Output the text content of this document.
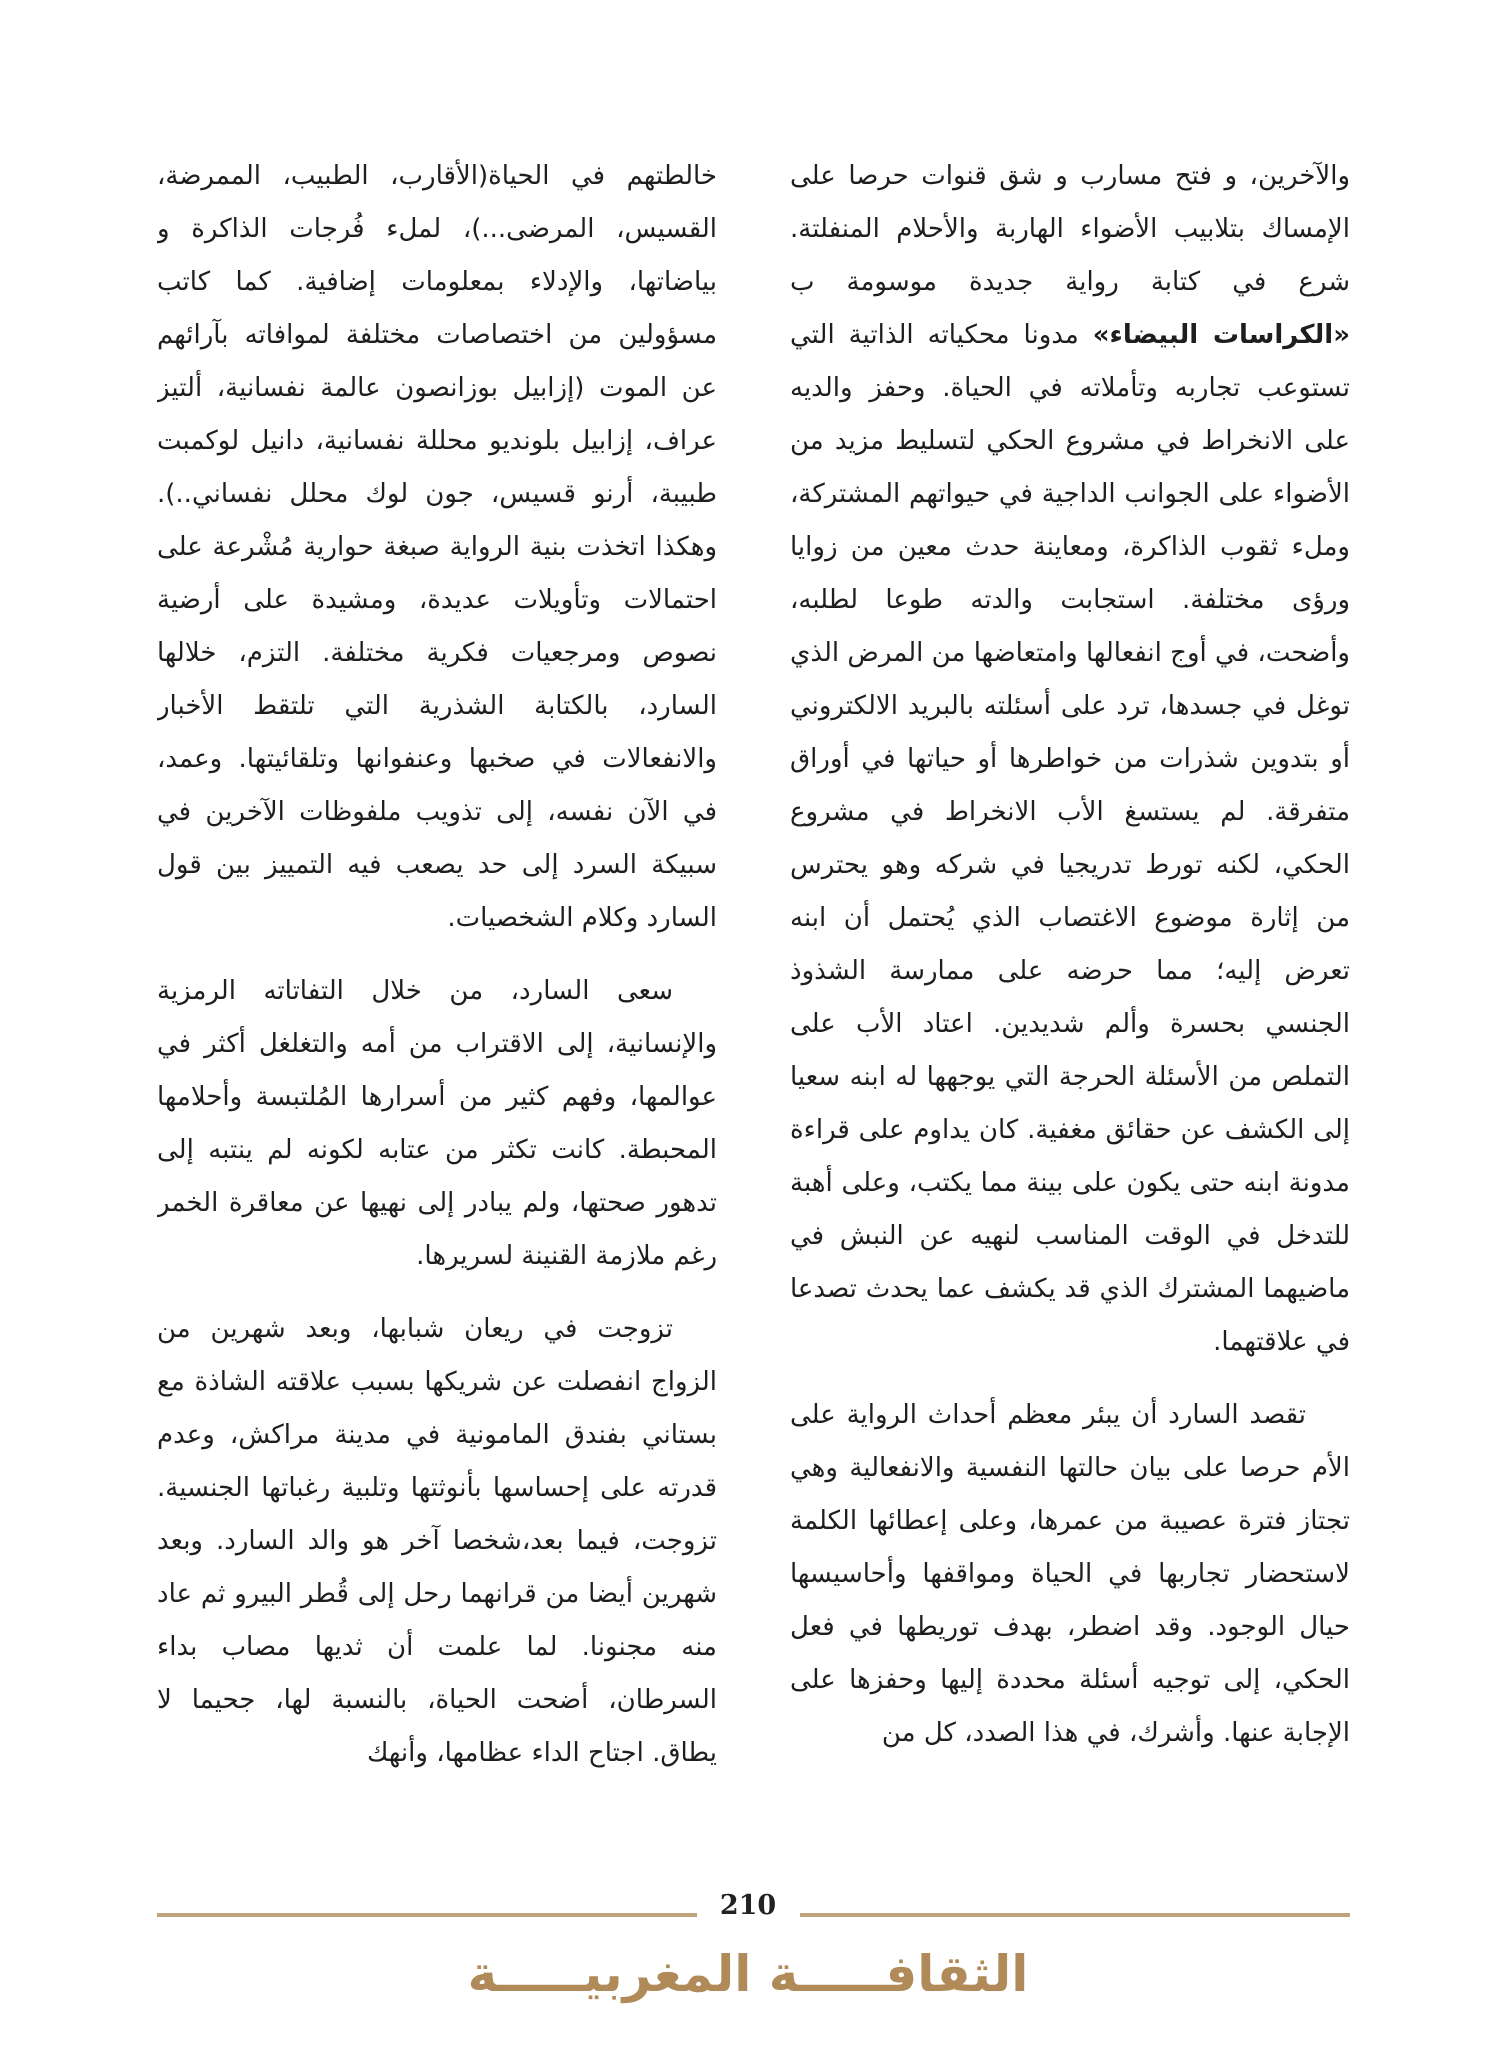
والآخرين، و فتح مسارب و شق قنوات حرصا على الإمساك بتلابيب الأضواء الهاربة والأحلام المنفلتة. شرع في كتابة رواية جديدة موسومة ب «الكراسات البيضاء» مدونا محكياته الذاتية التي تستوعب تجاربه وتأملاته في الحياة. وحفز والديه على الانخراط في مشروع الحكي لتسليط مزيد من الأضواء على الجوانب الداجية في حيواتهم المشتركة، وملء ثقوب الذاكرة، ومعاينة حدث معين من زوايا ورؤى مختلفة. استجابت والدته طوعا لطلبه، وأضحت، في أوج انفعالها وامتعاضها من المرض الذي توغل في جسدها، ترد على أسئلته بالبريد الالكتروني أو بتدوين شذرات من خواطرها أو حياتها في أوراق متفرقة. لم يستسغ الأب الانخراط في مشروع الحكي، لكنه تورط تدريجيا في شركه وهو يحترس من إثارة موضوع الاغتصاب الذي يُحتمل أن ابنه تعرض إليه؛ مما حرضه على ممارسة الشذوذ الجنسي بحسرة وألم شديدين. اعتاد الأب على التملص من الأسئلة الحرجة التي يوجهها له ابنه سعيا إلى الكشف عن حقائق مغفية. كان يداوم على قراءة مدونة ابنه حتى يكون على بينة مما يكتب، وعلى أهبة للتدخل في الوقت المناسب لنهيه عن النبش في ماضيهما المشترك الذي قد يكشف عما يحدث تصدعا في علاقتهما.

تقصد السارد أن يبئر معظم أحداث الرواية على الأم حرصا على بيان حالتها النفسية والانفعالية وهي تجتاز فترة عصيبة من عمرها، وعلى إعطائها الكلمة لاستحضار تجاربها في الحياة ومواقفها وأحاسيسها حيال الوجود. وقد اضطر، بهدف توريطها في فعل الحكي، إلى توجيه أسئلة محددة إليها وحفزها على الإجابة عنها. وأشرك، في هذا الصدد، كل من

خالطتهم في الحياة(الأقارب، الطبيب، الممرضة، القسيس، المرضى...)، لملء فُرجات الذاكرة و بياضاتها، والإدلاء بمعلومات إضافية. كما كاتب مسؤولين من اختصاصات مختلفة لموافاته بآرائهم عن الموت (إزابيل بوزانصون عالمة نفسانية، ألتيز عراف، إزابيل بلونديو محللة نفسانية، دانيل لوكمبت طبيبة، أرنو قسيس، جون لوك محلل نفساني..). وهكذا اتخذت بنية الرواية صبغة حوارية مُشْرعة على احتمالات وتأويلات عديدة، ومشيدة على أرضية نصوص ومرجعيات فكرية مختلفة. التزم، خلالها السارد، بالكتابة الشذرية التي تلتقط الأخبار والانفعالات في صخبها وعنفوانها وتلقائيتها. وعمد، في الآن نفسه، إلى تذويب ملفوظات الآخرين في سبيكة السرد إلى حد يصعب فيه التمييز بين قول السارد وكلام الشخصيات.

سعى السارد، من خلال التفاتاته الرمزية والإنسانية، إلى الاقتراب من أمه والتغلغل أكثر في عوالمها، وفهم كثير من أسرارها المُلتبسة وأحلامها المحبطة. كانت تكثر من عتابه لكونه لم ينتبه إلى تدهور صحتها، ولم يبادر إلى نهيها عن معاقرة الخمر رغم ملازمة القنينة لسريرها.

تزوجت في ريعان شبابها، وبعد شهرين من الزواج انفصلت عن شريكها بسبب علاقته الشاذة مع بستاني بفندق المامونية في مدينة مراكش، وعدم قدرته على إحساسها بأنوثتها وتلبية رغباتها الجنسية. تزوجت، فيما بعد،شخصا آخر هو والد السارد. وبعد شهرين أيضا من قرانهما رحل إلى قُطر البيرو ثم عاد منه مجنونا. لما علمت أن ثديها مصاب بداء السرطان، أضحت الحياة، بالنسبة لها، جحيما لا يطاق. اجتاح الداء عظامها، وأنهك

210
الثقافـــــة المغربيـــــة
